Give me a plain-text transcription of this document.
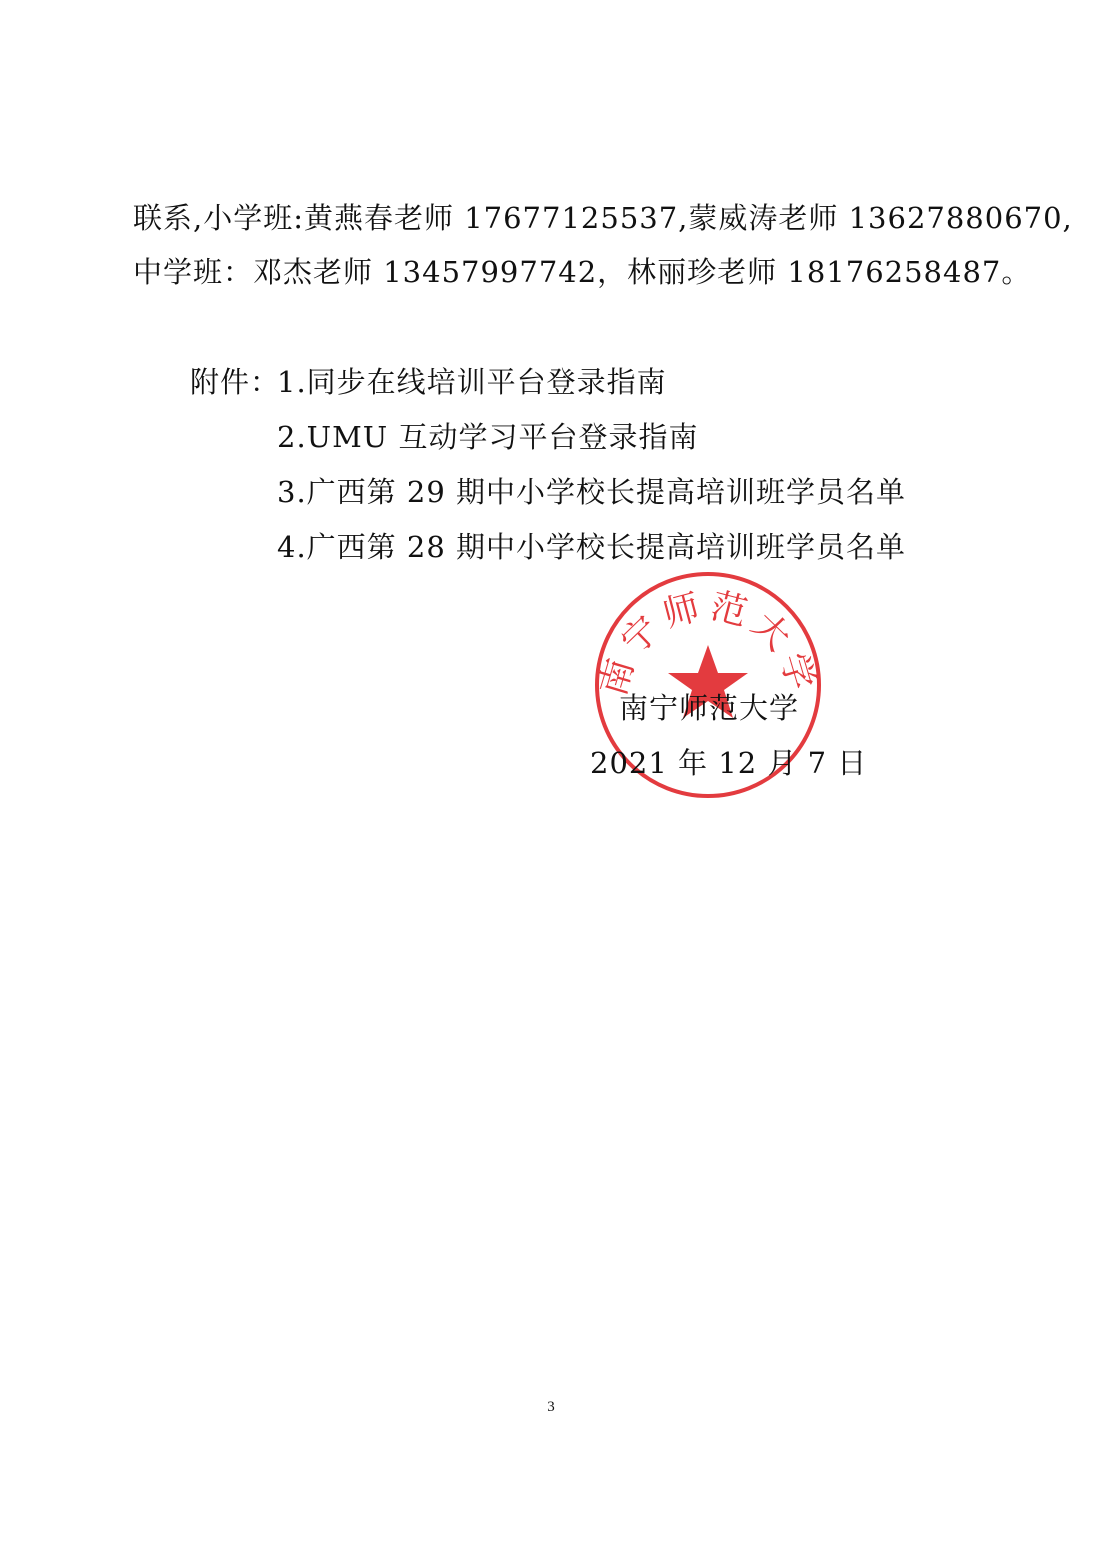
联系,小学班:黄燕春老师 17677125537,蒙威涛老师 13627880670,
中学班：邓杰老师 13457997742，林丽珍老师 18176258487。
附件：
1.同步在线培训平台登录指南
2.UMU 互动学习平台登录指南
3.广西第 29 期中小学校长提高培训班学员名单
4.广西第 28 期中小学校长提高培训班学员名单
南宁师范大学
南宁师范大学
2021 年 12 月 7 日
3
